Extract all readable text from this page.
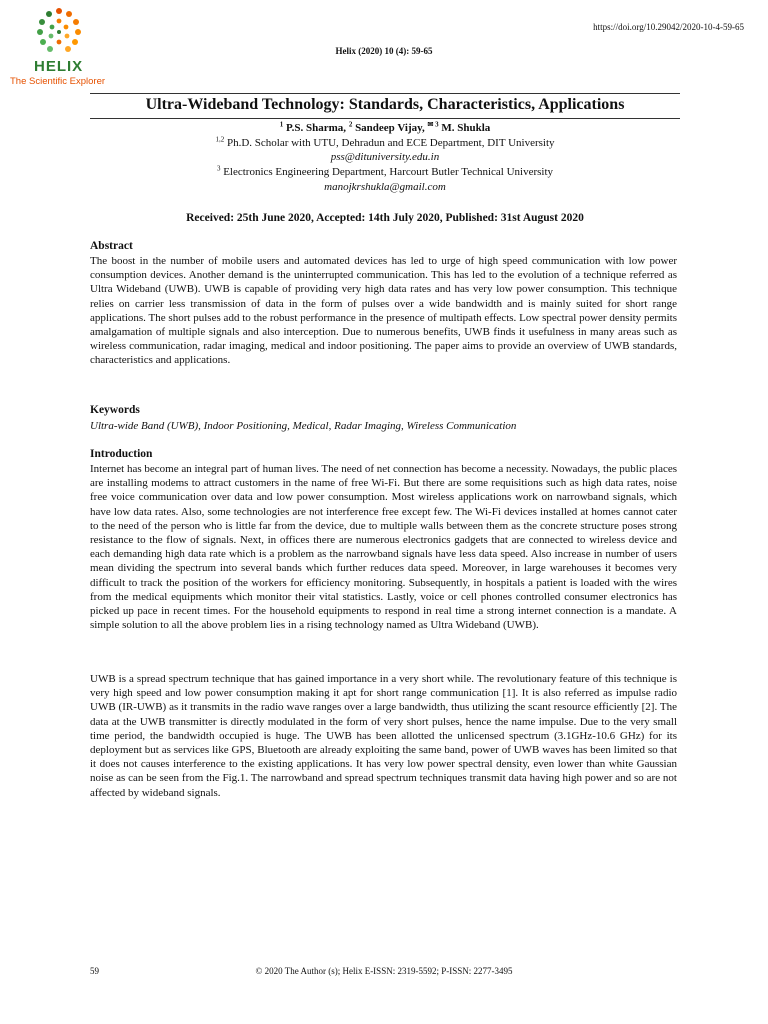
HELIX
The Scientific Explorer
https://doi.org/10.29042/2020-10-4-59-65
Helix (2020) 10 (4): 59-65
Ultra-Wideband Technology: Standards, Characteristics, Applications
$^1$ P.S. Sharma, $^2$ Sandeep Vijay, $^{✉ 3}$ M. Shukla
$^{1,2}$ Ph.D. Scholar with UTU, Dehradun and ECE Department, DIT University
pss@dituniversity.edu.in
$^3$ Electronics Engineering Department, Harcourt Butler Technical University
manojkrshukla@gmail.com
Received: 25th June 2020, Accepted: 14th July 2020, Published: 31st August 2020
Abstract

The boost in the number of mobile users and automated devices has led to urge of high speed communication with low power consumption devices. Another demand is the uninterrupted communication. This has led to the evolution of a technique referred as Ultra Wideband (UWB). UWB is capable of providing very high data rates and has very low power consumption. This technique relies on carrier less transmission of data in the form of pulses over a wide bandwidth and is mainly suited for short range applications. The short pulses add to the robust performance in the presence of multipath effects. Low spectral power density permits amalgamation of multiple signals and also interception. Due to numerous benefits, UWB finds it usefulness in many areas such as wireless communication, radar imaging, medical and indoor positioning. The paper aims to provide an overview of UWB standards, characteristics and applications.

Keywords

Ultra-wide Band (UWB), Indoor Positioning, Medical, Radar Imaging, Wireless Communication

Introduction

Internet has become an integral part of human lives. The need of net connection has become a necessity. Nowadays, the public places are installing modems to attract customers in the name of free Wi-Fi. But there are some requisitions such as high data rates, noise free voice communication over data and low power consumption. Most wireless applications work on narrowband signals, which have low data rates. Also, some technologies are not interference free except few. The Wi-Fi devices installed at homes cannot cater to the need of the person who is little far from the device, due to multiple walls between them as the concrete structure poses strong resistance to the flow of signals. Next, in offices there are numerous electronics gadgets that are connected to wireless device and each demanding high data rate which is a problem as the narrowband signals have less data speed. Also increase in number of users mean dividing the spectrum into several bands which further reduces data speed. Moreover, in large warehouses it becomes very difficult to track the position of the workers for efficiency monitoring. Subsequently, in hospitals a patient is loaded with the wires from the medical equipments which monitor their vital statistics. Lastly, voice or cell phones controlled consumer electronics has picked up pace in recent times. For the household equipments to respond in real time a strong internet connection is a mandate. A simple solution to all the above problem lies in a rising technology named as Ultra Wideband (UWB).

UWB is a spread spectrum technique that has gained importance in a very short while. The revolutionary feature of this technique is very high speed and low power consumption making it apt for short range communication [1]. It is also referred as impulse radio UWB (IR-UWB) as it transmits in the radio wave ranges over a large bandwidth, thus utilizing the scant resource efficiently [2]. The data at the UWB transmitter is directly modulated in the form of very short pulses, hence the name impulse. Due to the very small time period, the bandwidth occupied is huge. The UWB has been allotted the unlicensed spectrum (3.1GHz-10.6 GHz) for its deployment but as services like GPS, Bluetooth are already exploiting the same band, power of UWB waves has been limited so that it does not causes interference to the existing applications. It has very low power spectral density, even lower than white Gaussian noise as can be seen from the Fig.1. The narrowband and spread spectrum techniques transmit data having high power and so are not affected by wideband signals.

59	© 2020 The Author (s); Helix E-ISSN: 2319-5592; P-ISSN: 2277-3495
